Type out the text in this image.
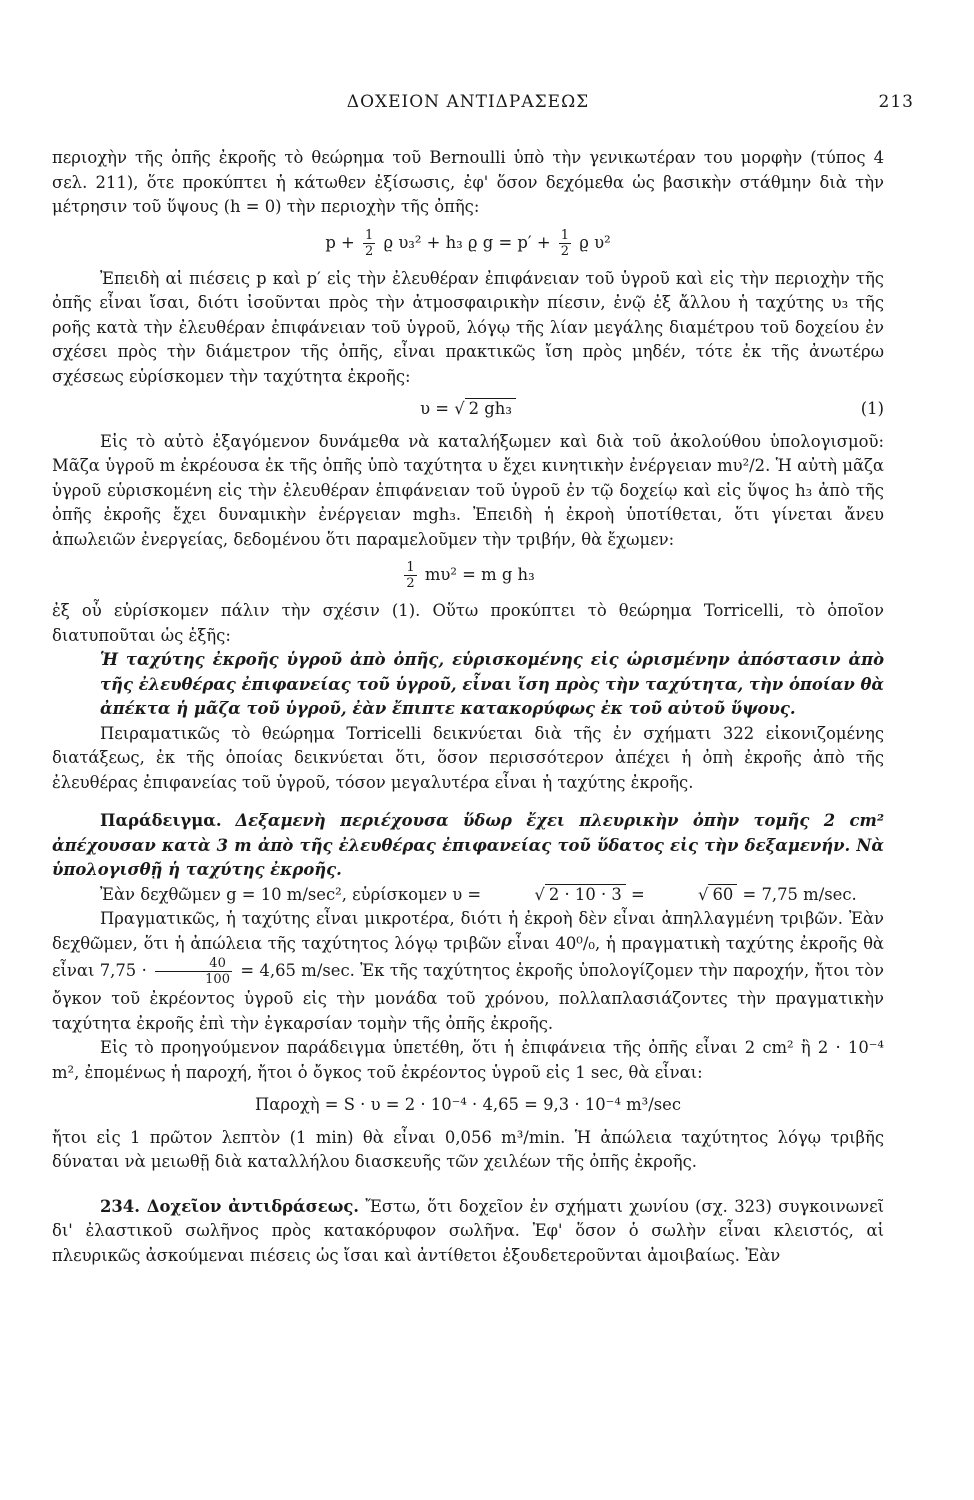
ΔΟΧΕΙΟΝ ΑΝΤΙΔΡΑΣΕΩΣ	213

περιοχὴν τῆς ὀπῆς ἐκροῆς τὸ θεώρημα τοῦ Bernoulli ὑπὸ τὴν γενικωτέραν του μορφὴν (τύπος 4 σελ. 211), ὅτε προκύπτει ἡ κάτωθεν ἐξίσωσις, ἐφ' ὅσον δεχόμεθα ὡς βασικὴν στάθμην διὰ τὴν μέτρησιν τοῦ ὕψους (h = 0) τὴν περιοχὴν τῆς ὀπῆς:

$p + \frac{1}{2}$ ϱ υ₃² + h₃ ϱ $g = p' + \frac{1}{2}$ ϱ υ²

Ἐπειδὴ αἱ πιέσεις p καὶ p′ εἰς τὴν ἐλευθέραν ἐπιφάνειαν τοῦ ὑγροῦ καὶ εἰς τὴν περιοχὴν τῆς ὀπῆς εἶναι ἴσαι, διότι ἰσοῦνται πρὸς τὴν ἀτμοσφαιρικὴν πίεσιν, ἐνῷ ἐξ ἄλλου ἡ ταχύτης υ₃ τῆς ροῆς κατὰ τὴν ἐλευθέραν ἐπιφάνειαν τοῦ ὑγροῦ, λόγῳ τῆς λίαν μεγάλης διαμέτρου τοῦ δοχείου ἐν σχέσει πρὸς τὴν διάμετρον τῆς ὀπῆς, εἶναι πρακτικῶς ἴση πρὸς μηδέν, τότε ἐκ τῆς ἀνωτέρω σχέσεως εὑρίσκομεν τὴν ταχύτητα ἐκροῆς:

υ = √ 2 gh₃	(1)

Εἰς τὸ αὐτὸ ἐξαγόμενον δυνάμεθα νὰ καταλήξωμεν καὶ διὰ τοῦ ἀκολούθου ὑπολογισμοῦ: Μᾶζα ὑγροῦ m ἐκρέουσα ἐκ τῆς ὀπῆς ὑπὸ ταχύτητα υ ἔχει κινητικὴν ἐνέργειαν mυ²/2. Ἡ αὐτὴ μᾶζα ὑγροῦ εὑρισκομένη εἰς τὴν ἐλευθέραν ἐπιφάνειαν τοῦ ὑγροῦ ἐν τῷ δοχείῳ καὶ εἰς ὕψος h₃ ἀπὸ τῆς ὀπῆς ἐκροῆς ἔχει δυναμικὴν ἐνέργειαν mgh₃. Ἐπειδὴ ἡ ἐκροὴ ὑποτίθεται, ὅτι γίνεται ἄνευ ἀπωλειῶν ἐνεργείας, δεδομένου ὅτι παραμελοῦμεν τὴν τριβήν, θὰ ἔχωμεν:

$\frac{1}{2} m\upsilon^2 = m$ g h₃

ἐξ οὗ εὑρίσκομεν πάλιν τὴν σχέσιν (1). Οὕτω προκύπτει τὸ θεώρημα Torricelli, τὸ ὁποῖον διατυποῦται ὡς ἑξῆς:

Ἡ ταχύτης ἐκροῆς ὑγροῦ ἀπὸ ὀπῆς, εὑρισκομένης εἰς ὡρισμένην ἀπόστασιν ἀπὸ τῆς ἐλευθέρας ἐπιφανείας τοῦ ὑγροῦ, εἶναι ἴση πρὸς τὴν ταχύτητα, τὴν ὁποίαν θὰ ἀπέκτα ἡ μᾶζα τοῦ ὑγροῦ, ἐὰν ἔπιπτε κατακορύφως ἐκ τοῦ αὐτοῦ ὕψους.

Πειραματικῶς τὸ θεώρημα Torricelli δεικνύεται διὰ τῆς ἐν σχήματι 322 εἰκονιζομένης διατάξεως, ἐκ τῆς ὁποίας δεικνύεται ὅτι, ὅσον περισσότερον ἀπέχει ἡ ὀπὴ ἐκροῆς ἀπὸ τῆς ἐλευθέρας ἐπιφανείας τοῦ ὑγροῦ, τόσον μεγαλυτέρα εἶναι ἡ ταχύτης ἐκροῆς.

Παράδειγμα. Δεξαμενὴ περιέχουσα ὕδωρ ἔχει πλευρικὴν ὀπὴν τομῆς 2 cm² ἀπέχουσαν κατὰ 3 m ἀπὸ τῆς ἐλευθέρας ἐπιφανείας τοῦ ὕδατος εἰς τὴν δεξαμενήν. Νὰ ὑπολογισθῇ ἡ ταχύτης ἐκροῆς.

Ἐὰν δεχθῶμεν g = 10 m/sec², εὑρίσκομεν υ =	√ 2 · 10 · 3 =	√ 60 = 7,75 m/sec.

Πραγματικῶς, ἡ ταχύτης εἶναι μικροτέρα, διότι ἡ ἐκροὴ δὲν εἶναι ἀπηλλαγμένη τριβῶν. Ἐὰν δεχθῶμεν, ὅτι ἡ ἀπώλεια τῆς ταχύτητος λόγῳ τριβῶν εἶναι 40⁰/₀, ἡ πραγματικὴ ταχύτης ἐκροῆς θὰ εἶναι $7,75 \cdot \frac{40}{100} = 4,65$ m/sec. Ἐκ τῆς ταχύτητος ἐκροῆς ὑπολογίζομεν τὴν παροχήν, ἤτοι τὸν ὄγκον τοῦ ἐκρέοντος ὑγροῦ εἰς τὴν μονάδα τοῦ χρόνου, πολλαπλασιάζοντες τὴν πραγματικὴν ταχύτητα ἐκροῆς ἐπὶ τὴν ἐγκαρσίαν τομὴν τῆς ὀπῆς ἐκροῆς.

Εἰς τὸ προηγούμενον παράδειγμα ὑπετέθη, ὅτι ἡ ἐπιφάνεια τῆς ὀπῆς εἶναι 2 cm² ἢ 2 · 10⁻⁴ m², ἐπομένως ἡ παροχή, ἤτοι ὁ ὄγκος τοῦ ἐκρέοντος ὑγροῦ εἰς 1 sec, θὰ εἶναι:

Παροχὴ = S · υ = 2 · 10⁻⁴ · 4,65 = 9,3 · 10⁻⁴ m³/sec

ἤτοι εἰς 1 πρῶτον λεπτὸν (1 min) θὰ εἶναι 0,056 m³/min. Ἡ ἀπώλεια ταχύτητος λόγῳ τριβῆς δύναται νὰ μειωθῇ διὰ καταλλήλου διασκευῆς τῶν χειλέων τῆς ὀπῆς ἐκροῆς.

234. Δοχεῖον ἀντιδράσεως. Ἔστω, ὅτι δοχεῖον ἐν σχήματι χωνίου (σχ. 323) συγκοινωνεῖ δι' ἐλαστικοῦ σωλῆνος πρὸς κατακόρυφον σωλῆνα. Ἐφ' ὅσον ὁ σωλὴν εἶναι κλειστός, αἱ πλευρικῶς ἀσκούμεναι πιέσεις ὡς ἴσαι καὶ ἀντίθετοι ἐξουδετεροῦνται ἀμοιβαίως. Ἐὰν
